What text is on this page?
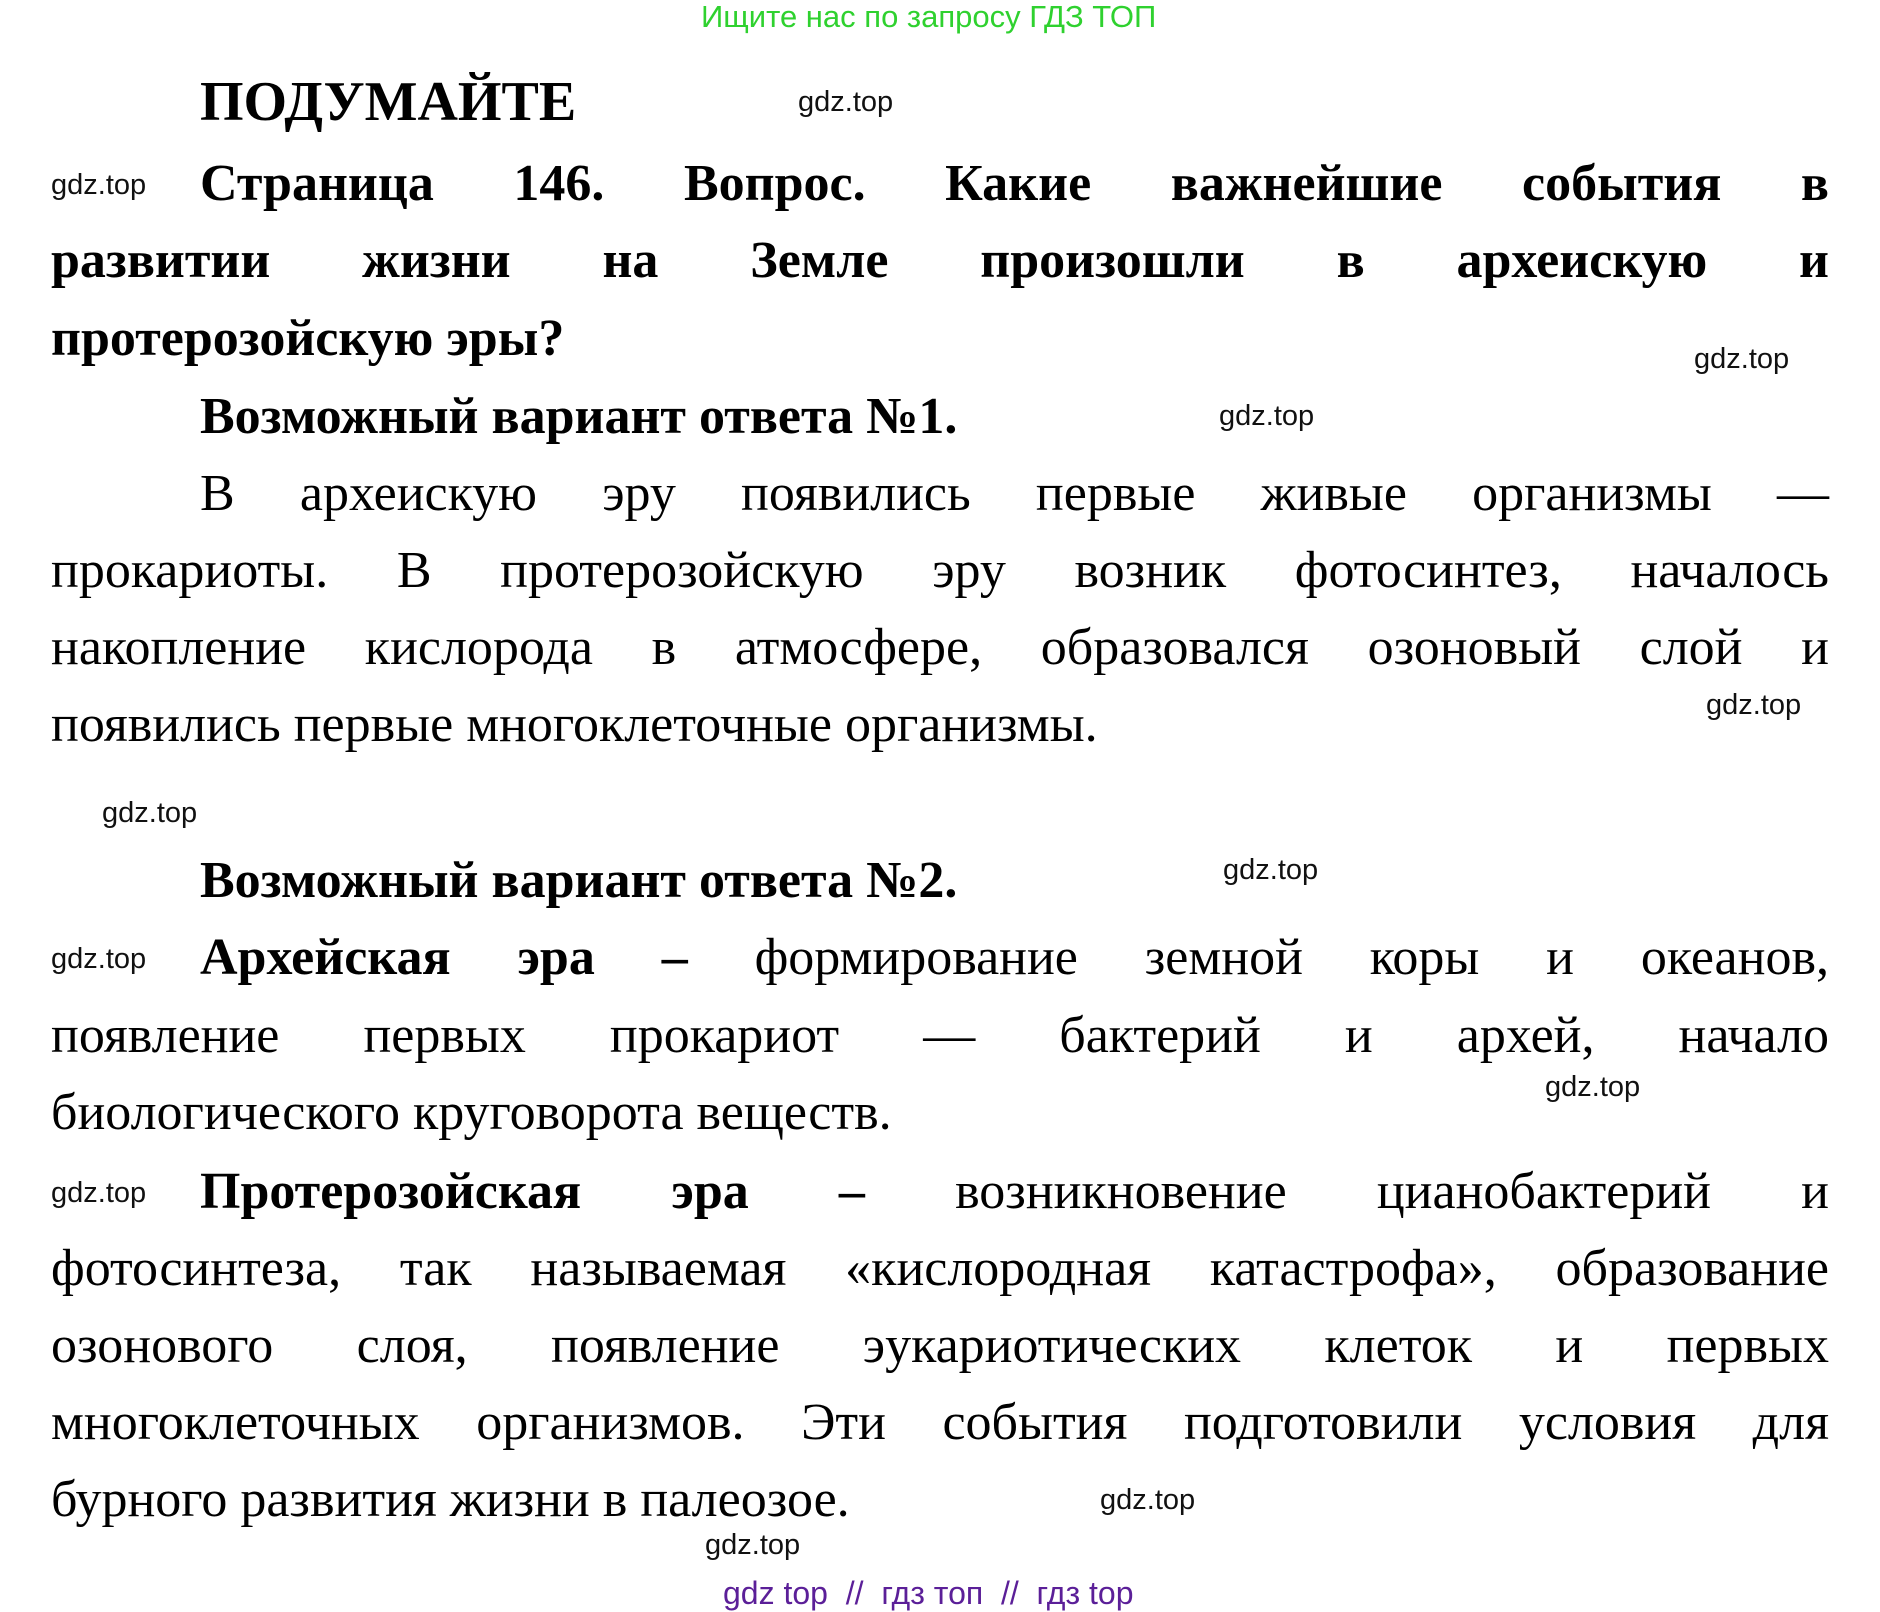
Ищите нас по запросу ГДЗ ТОП
ПОДУМАЙТЕ
Страница 146. Вопрос. Какие важнейшие события в
развитии жизни на Земле произошли в археискую и
протерозойскую эры?
Возможный вариант ответа №1.
В археискую эру появились первые живые организмы —
прокариоты. В протерозойскую эру возник фотосинтез, началось
накопление кислорода в атмосфере, образовался озоновый слой и
появились первые многоклеточные организмы.
Возможный вариант ответа №2.
Архейская эра – формирование земной коры и океанов,
появление первых прокариот — бактерий и архей, начало
биологического круговорота веществ.
Протерозойская эра – возникновение цианобактерий и
фотосинтеза, так называемая «кислородная катастрофа», образование
озонового слоя, появление эукариотических клеток и первых
многоклеточных организмов. Эти события подготовили условия для
бурного развития жизни в палеозое.
gdz.top
gdz.top
gdz.top
gdz.top
gdz.top
gdz.top
gdz.top
gdz.top
gdz.top
gdz.top
gdz.top
gdz.top
gdz top  //  гдз топ  //  гдз top
